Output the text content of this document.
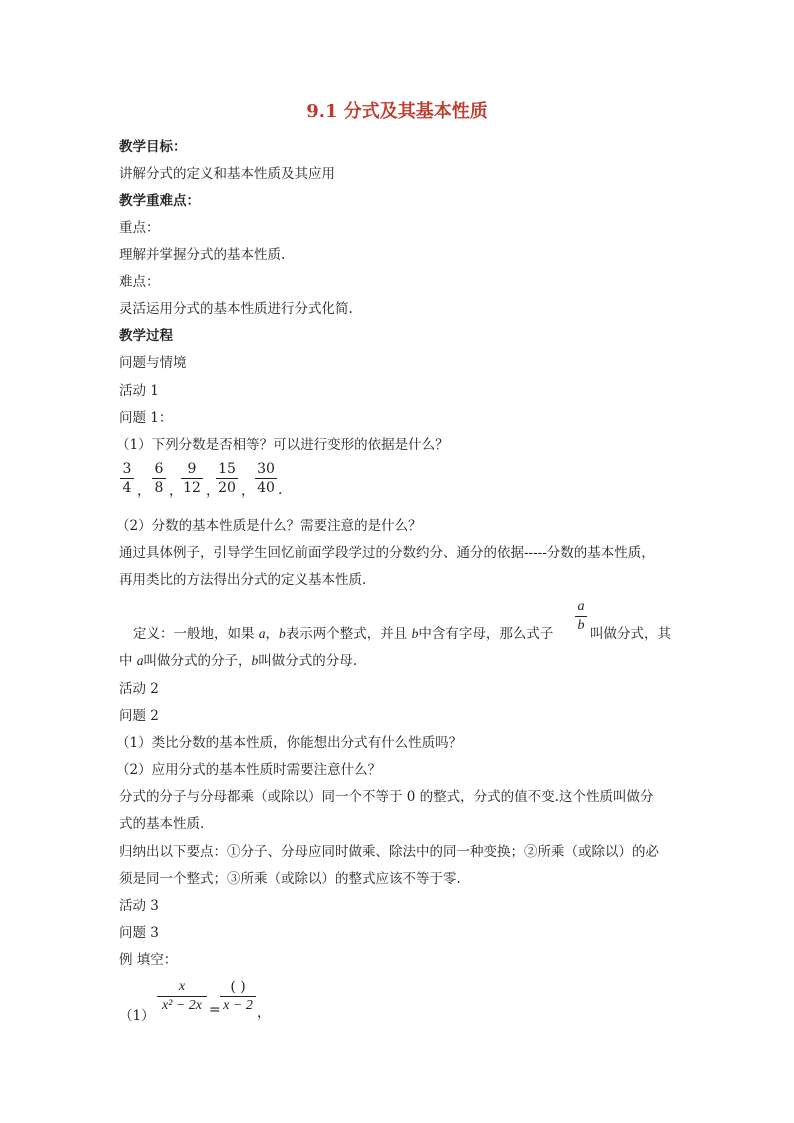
9.1 分式及其基本性质
教学目标：
讲解分式的定义和基本性质及其应用
教学重难点：
重点：
理解并掌握分式的基本性质.
难点：
灵活运用分式的基本性质进行分式化简.
教学过程
问题与情境
活动 1
问题 1：
（1）下列分数是否相等？可以进行变形的依据是什么？
3
4 ，
6
8 ，
9
12 ，
15
20 ，
30
40 .
（2）分数的基本性质是什么？需要注意的是什么？
通过具体例子，引导学生回忆前面学段学过的分数约分、通分的依据-----分数的基本性质，
再用类比的方法得出分式的定义基本性质.
定义：一般地，如果 a，b表示两个整式，并且 b中含有字母，那么式子
a
b
叫做分式，其
中 a叫做分式的分子，b叫做分式的分母.
活动 2
问题 2
（1）类比分数的基本性质，你能想出分式有什么性质吗？
（2）应用分式的基本性质时需要注意什么？
分式的分子与分母都乘（或除以）同一个不等于 0 的整式，分式的值不变.这个性质叫做分
式的基本性质.
归纳出以下要点：①分子、分母应同时做乘、除法中的同一种变换；②所乘（或除以）的必
须是同一个整式；③所乘（或除以）的整式应该不等于零.
活动 3
问题 3
例 填空：
（1）
x
x² − 2x =
( )
x − 2 ，
